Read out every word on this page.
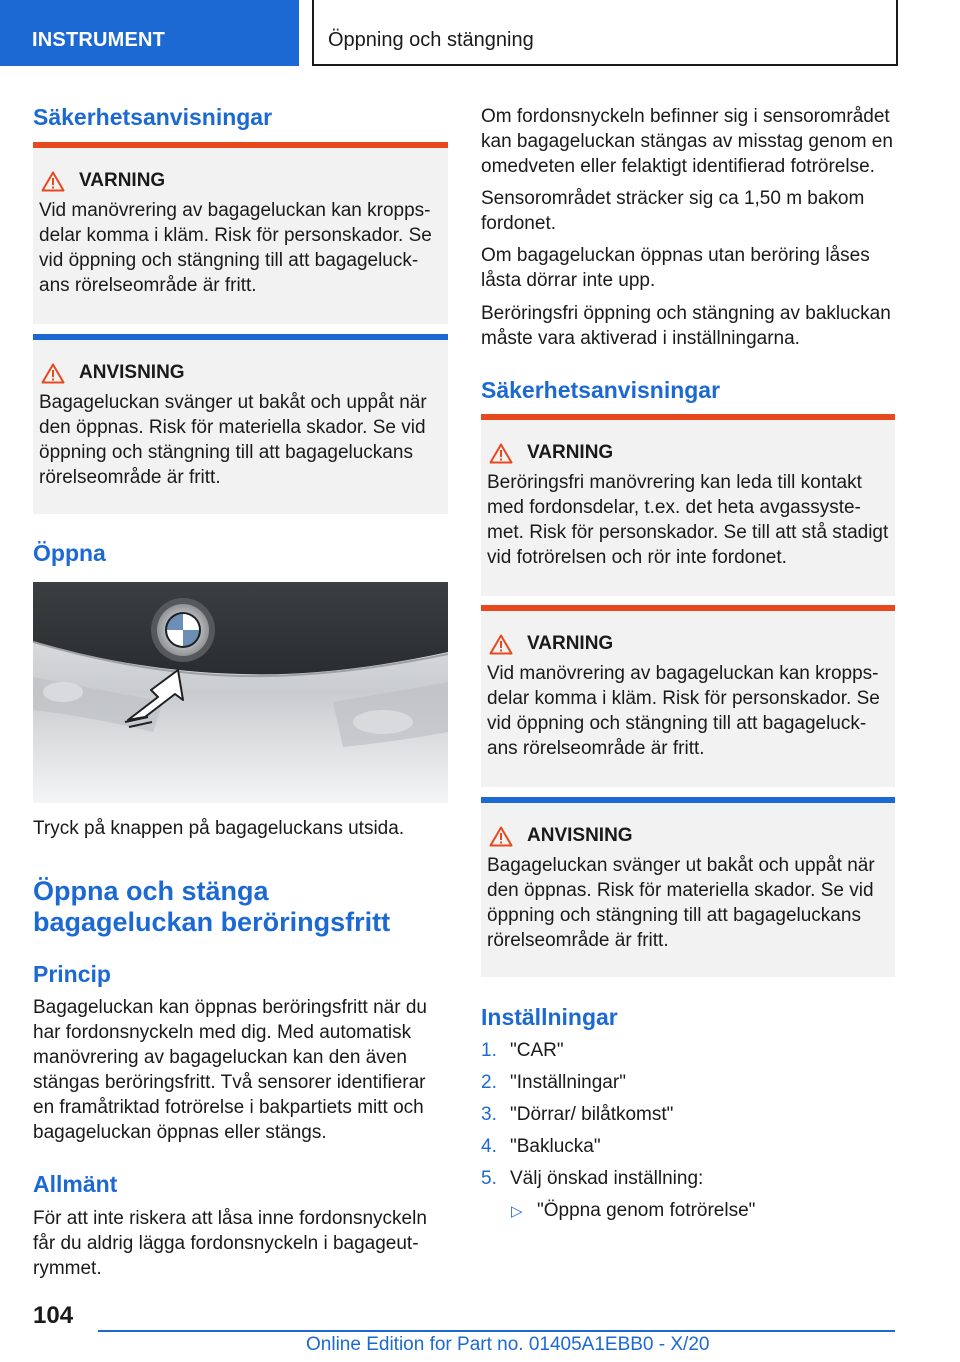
INSTRUMENT	Öppning och stängning
Säkerhetsanvisningar
VARNING
Vid manövrering av bagageluckan kan kropps-delar komma i kläm. Risk för personskador. Se vid öppning och stängning till att bagageluck-ans rörelseområde är fritt.
ANVISNING
Bagageluckan svänger ut bakåt och uppåt när den öppnas. Risk för materiella skador. Se vid öppning och stängning till att bagageluckans rörelseområde är fritt.
Öppna

Tryck på knappen på bagageluckans utsida.

Öppna och stänga bagageluckan beröringsfritt
Princip

Bagageluckan kan öppnas beröringsfritt när du har fordonsnyckeln med dig. Med automatisk manövrering av bagageluckan kan den även stängas beröringsfritt. Två sensorer identifierar en framåtriktad fotrörelse i bakpartiets mitt och bagageluckan öppnas eller stängs.

Allmänt

För att inte riskera att låsa inne fordonsnyckeln får du aldrig lägga fordonsnyckeln i bagageut-rymmet.

Om fordonsnyckeln befinner sig i sensorområdet kan bagageluckan stängas av misstag genom en omedveten eller felaktigt identifierad fotrörelse.

Sensorområdet sträcker sig ca 1,50 m bakom fordonet.

Om bagageluckan öppnas utan beröring låses låsta dörrar inte upp.

Beröringsfri öppning och stängning av bakluckan måste vara aktiverad i inställningarna.

Säkerhetsanvisningar
VARNING
Beröringsfri manövrering kan leda till kontakt med fordonsdelar, t.ex. det heta avgassyste-met. Risk för personskador. Se till att stå stadigt vid fotrörelsen och rör inte fordonet.
VARNING
Vid manövrering av bagageluckan kan kropps-delar komma i kläm. Risk för personskador. Se vid öppning och stängning till att bagageluck-ans rörelseområde är fritt.
ANVISNING
Bagageluckan svänger ut bakåt och uppåt när den öppnas. Risk för materiella skador. Se vid öppning och stängning till att bagageluckans rörelseområde är fritt.
Inställningar
1. "CAR"
2. "Inställningar"
3. "Dörrar/ bilåtkomst"
4. "Baklucka"
5. Välj önskad inställning:
▷ "Öppna genom fotrörelse"
104
Online Edition for Part no. 01405A1EBB0 - X/20
